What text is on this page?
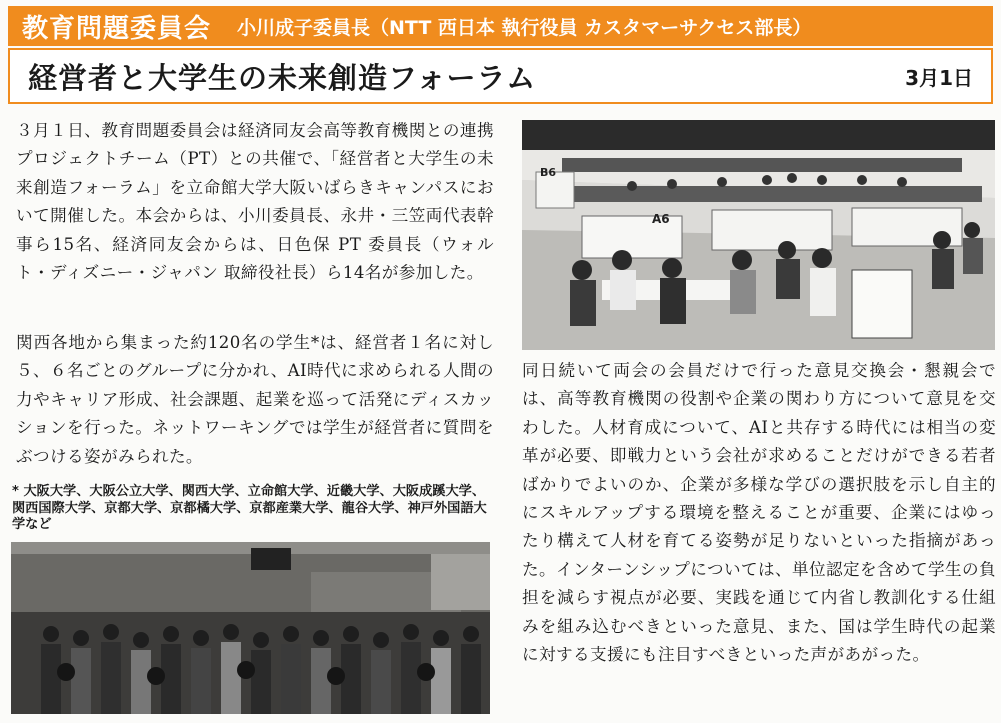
教育問題委員会 小川成子委員長（NTT 西日本 執行役員 カスタマーサクセス部長）
経営者と大学生の未来創造フォーラム	3月1日

３月１日、教育問題委員会は経済同友会高等教育機関との連携プロジェクトチーム（PT）との共催で、「経営者と大学生の未来創造フォーラム」を立命館大学大阪いばらきキャンパスにおいて開催した。本会からは、小川委員長、永井・三笠両代表幹事ら15名、経済同友会からは、日色保 PT 委員長（ウォルト・ディズニー・ジャパン 取締役社長）ら14名が参加した。

関西各地から集まった約120名の学生*は、経営者１名に対し５、６名ごとのグループに分かれ、AI時代に求められる人間の力やキャリア形成、社会課題、起業を巡って活発にディスカッションを行った。ネットワーキングでは学生が経営者に質問をぶつける姿がみられた。

* 大阪大学、大阪公立大学、関西大学、立命館大学、近畿大学、大阪成蹊大学、関西国際大学、京都大学、京都橘大学、京都産業大学、龍谷大学、神戸外国語大学など
B6
A6

同日続いて両会の会員だけで行った意見交換会・懇親会では、高等教育機関の役割や企業の関わり方について意見を交わした。人材育成について、AIと共存する時代には相当の変革が必要、即戦力という会社が求めることだけができる若者ばかりでよいのか、企業が多様な学びの選択肢を示し自主的にスキルアップする環境を整えることが重要、企業にはゆったり構えて人材を育てる姿勢が足りないといった指摘があった。インターンシップについては、単位認定を含めて学生の負担を減らす視点が必要、実践を通じて内省し教訓化する仕組みを組み込むべきといった意見、また、国は学生時代の起業に対する支援にも注目すべきといった声があがった。
